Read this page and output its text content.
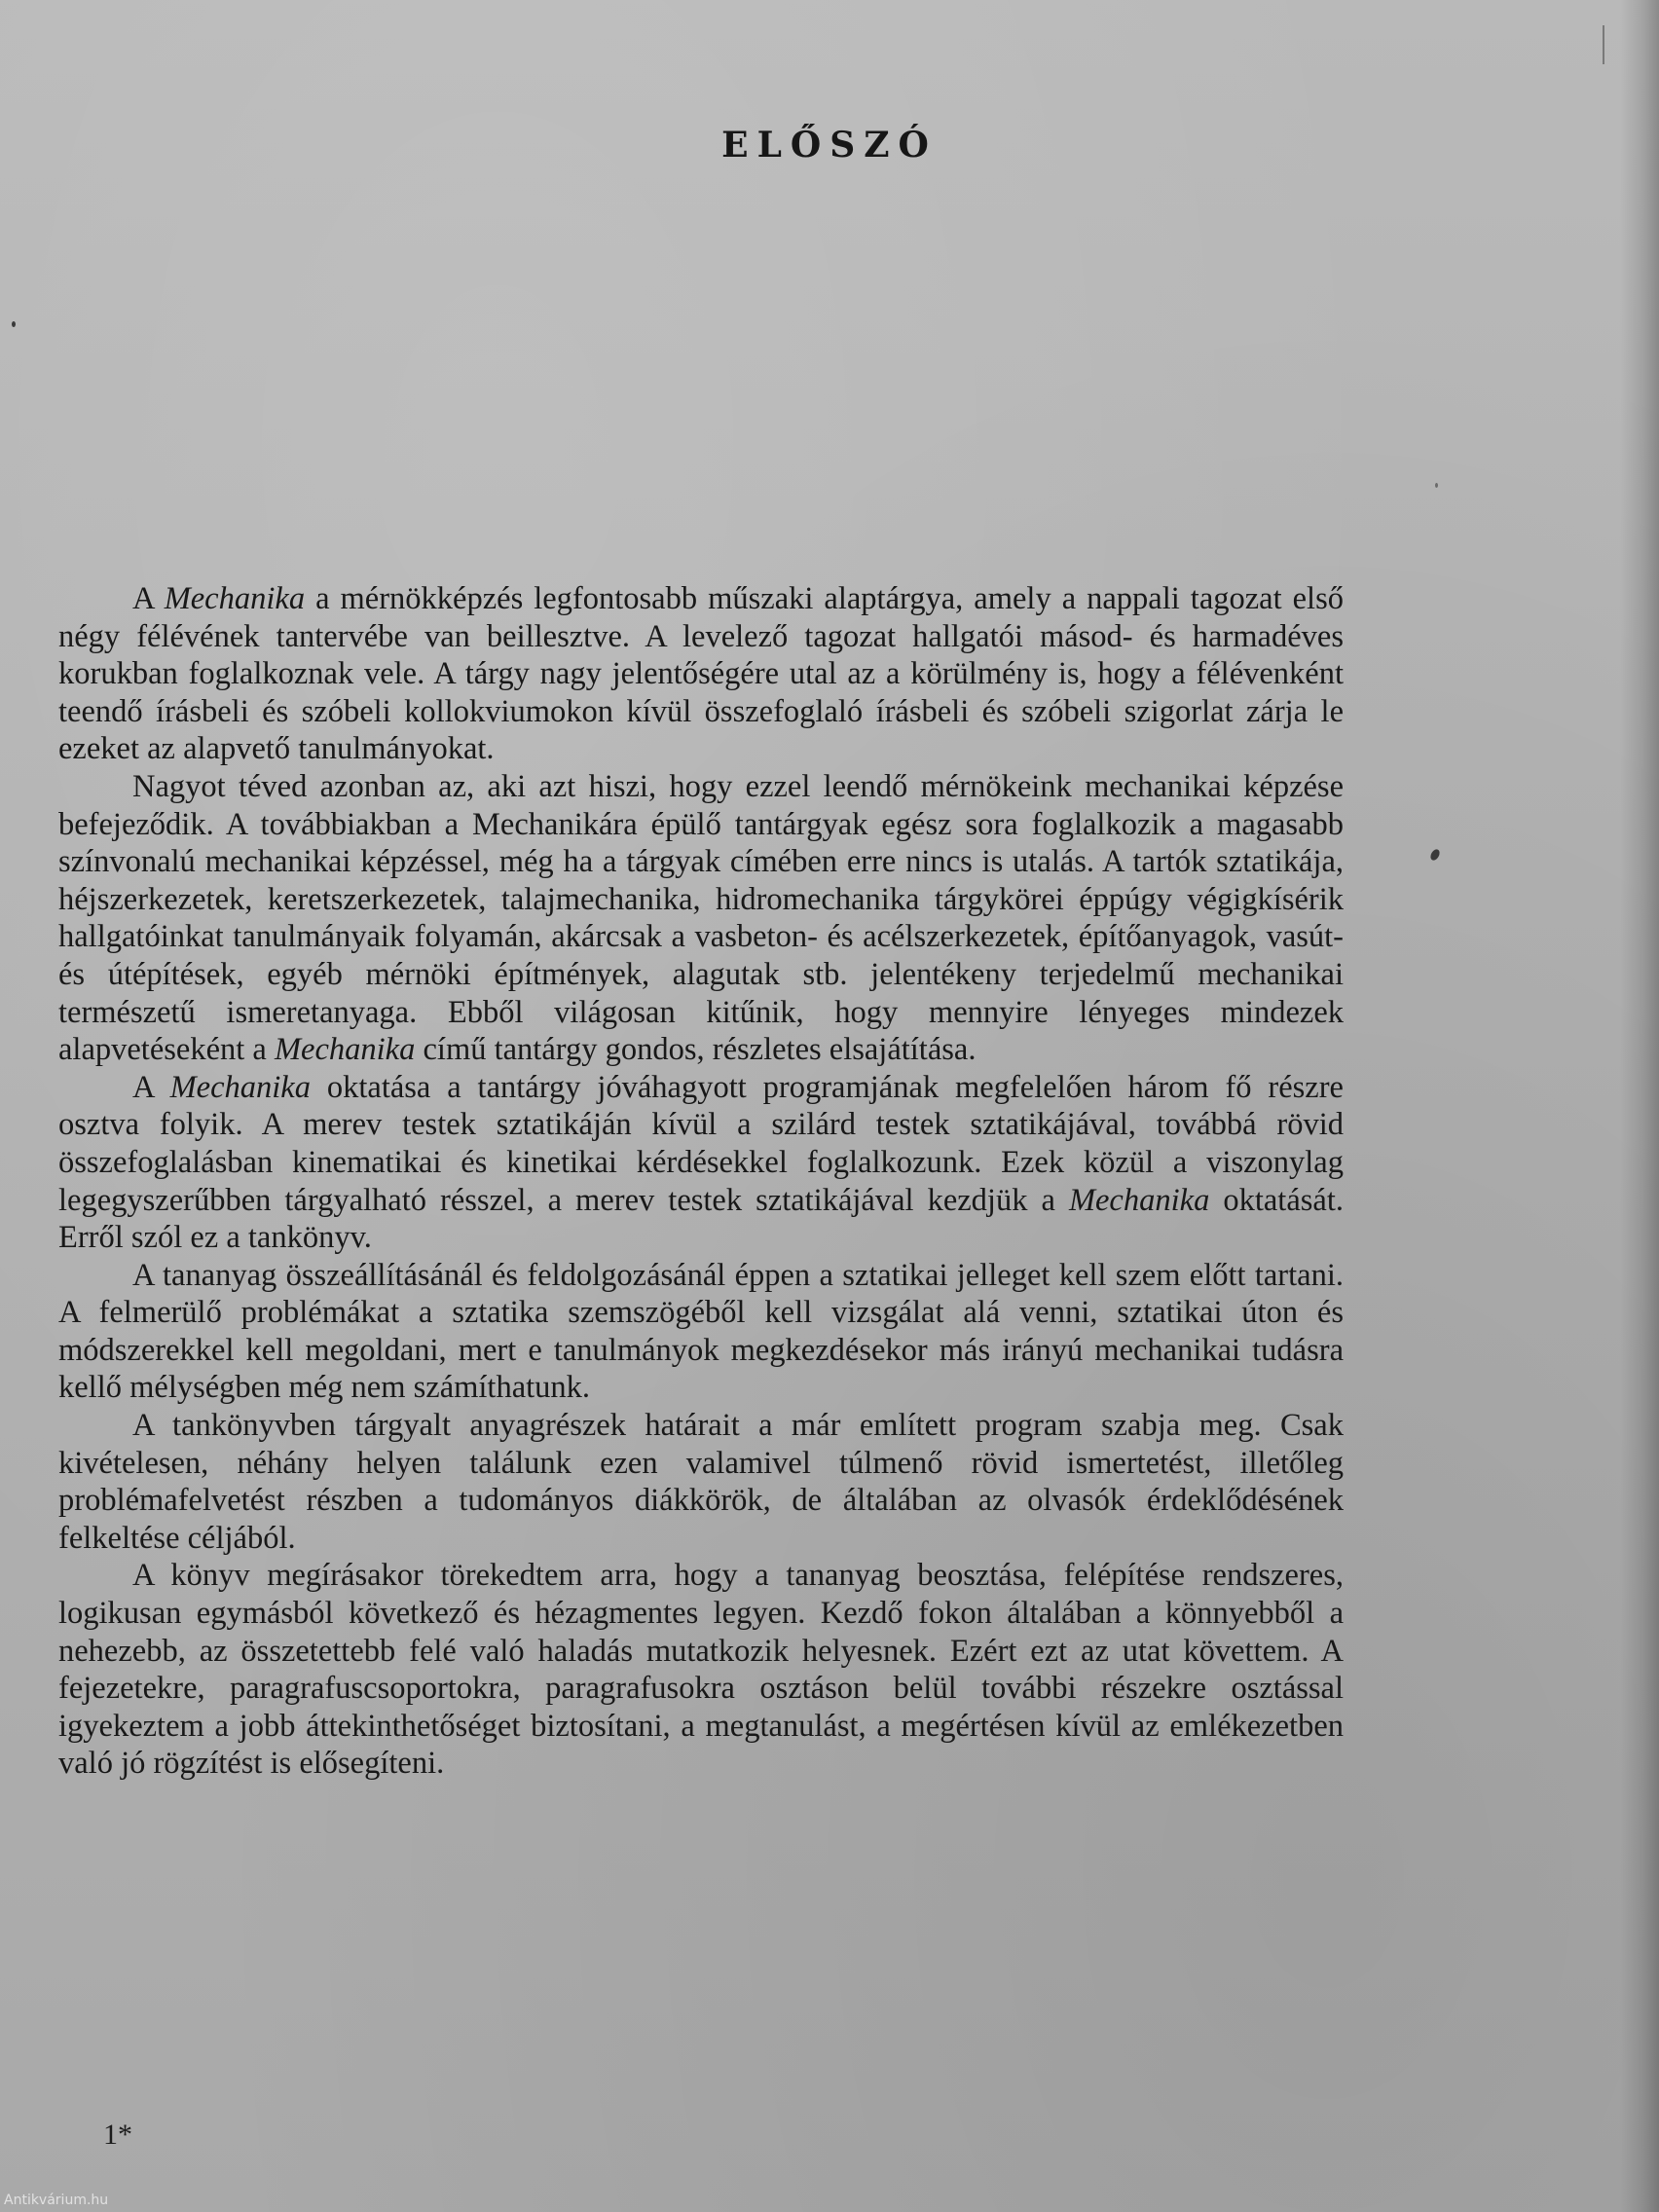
ELŐSZÓ

A Mechanika a mérnökképzés legfontosabb műszaki alaptárgya, amely a nappali tagozat első négy félévének tantervébe van beillesztve. A levelező tagozat hallgatói másod- és harmadéves korukban foglalkoznak vele. A tárgy nagy jelentőségére utal az a körülmény is, hogy a félévenként teendő írásbeli és szóbeli kollokviumokon kívül összefoglaló írásbeli és szóbeli szigorlat zárja le ezeket az alapvető tanulmányokat.

Nagyot téved azonban az, aki azt hiszi, hogy ezzel leendő mérnökeink mechanikai képzése befejeződik. A továbbiakban a Mechanikára épülő tantárgyak egész sora foglalkozik a magasabb színvonalú mechanikai képzéssel, még ha a tárgyak címében erre nincs is utalás. A tartók sztatikája, héjszerkezetek, keretszerkezetek, talajmechanika, hidromechanika tárgykörei éppúgy végigkísérik hallgatóinkat tanulmányaik folyamán, akárcsak a vasbeton- és acélszerkezetek, építőanyagok, vasút- és útépítések, egyéb mérnöki építmények, alagutak stb. jelentékeny terjedelmű mechanikai természetű ismeretanyaga. Ebből világosan kitűnik, hogy mennyire lényeges mindezek alapvetéseként a Mechanika című tantárgy gondos, részletes elsajátítása.

A Mechanika oktatása a tantárgy jóváhagyott programjának megfelelően három fő részre osztva folyik. A merev testek sztatikáján kívül a szilárd testek sztatikájával, továbbá rövid összefoglalásban kinematikai és kinetikai kérdésekkel foglalkozunk. Ezek közül a viszonylag legegyszerűbben tárgyalható résszel, a merev testek sztatikájával kezdjük a Mechanika oktatását. Erről szól ez a tankönyv.

A tananyag összeállításánál és feldolgozásánál éppen a sztatikai jelleget kell szem előtt tartani. A felmerülő problémákat a sztatika szemszögéből kell vizsgálat alá venni, sztatikai úton és módszerekkel kell megoldani, mert e tanulmányok megkezdésekor más irányú mechanikai tudásra kellő mélységben még nem számíthatunk.

A tankönyvben tárgyalt anyagrészek határait a már említett program szabja meg. Csak kivételesen, néhány helyen találunk ezen valamivel túlmenő rövid ismertetést, illetőleg problémafelvetést részben a tudományos diákkörök, de általában az olvasók érdeklődésének felkeltése céljából.

A könyv megírásakor törekedtem arra, hogy a tananyag beosztása, felépítése rendszeres, logikusan egymásból következő és hézagmentes legyen. Kezdő fokon általában a könnyebből a nehezebb, az összetettebb felé való haladás mutatkozik helyesnek. Ezért ezt az utat követtem. A fejezetekre, paragrafuscsoportokra, paragrafusokra osztáson belül további részekre osztással igyekeztem a jobb áttekinthetőséget biztosítani, a megtanulást, a megértésen kívül az emlékezetben való jó rögzítést is elősegíteni.

1*
Antikvárium.hu
